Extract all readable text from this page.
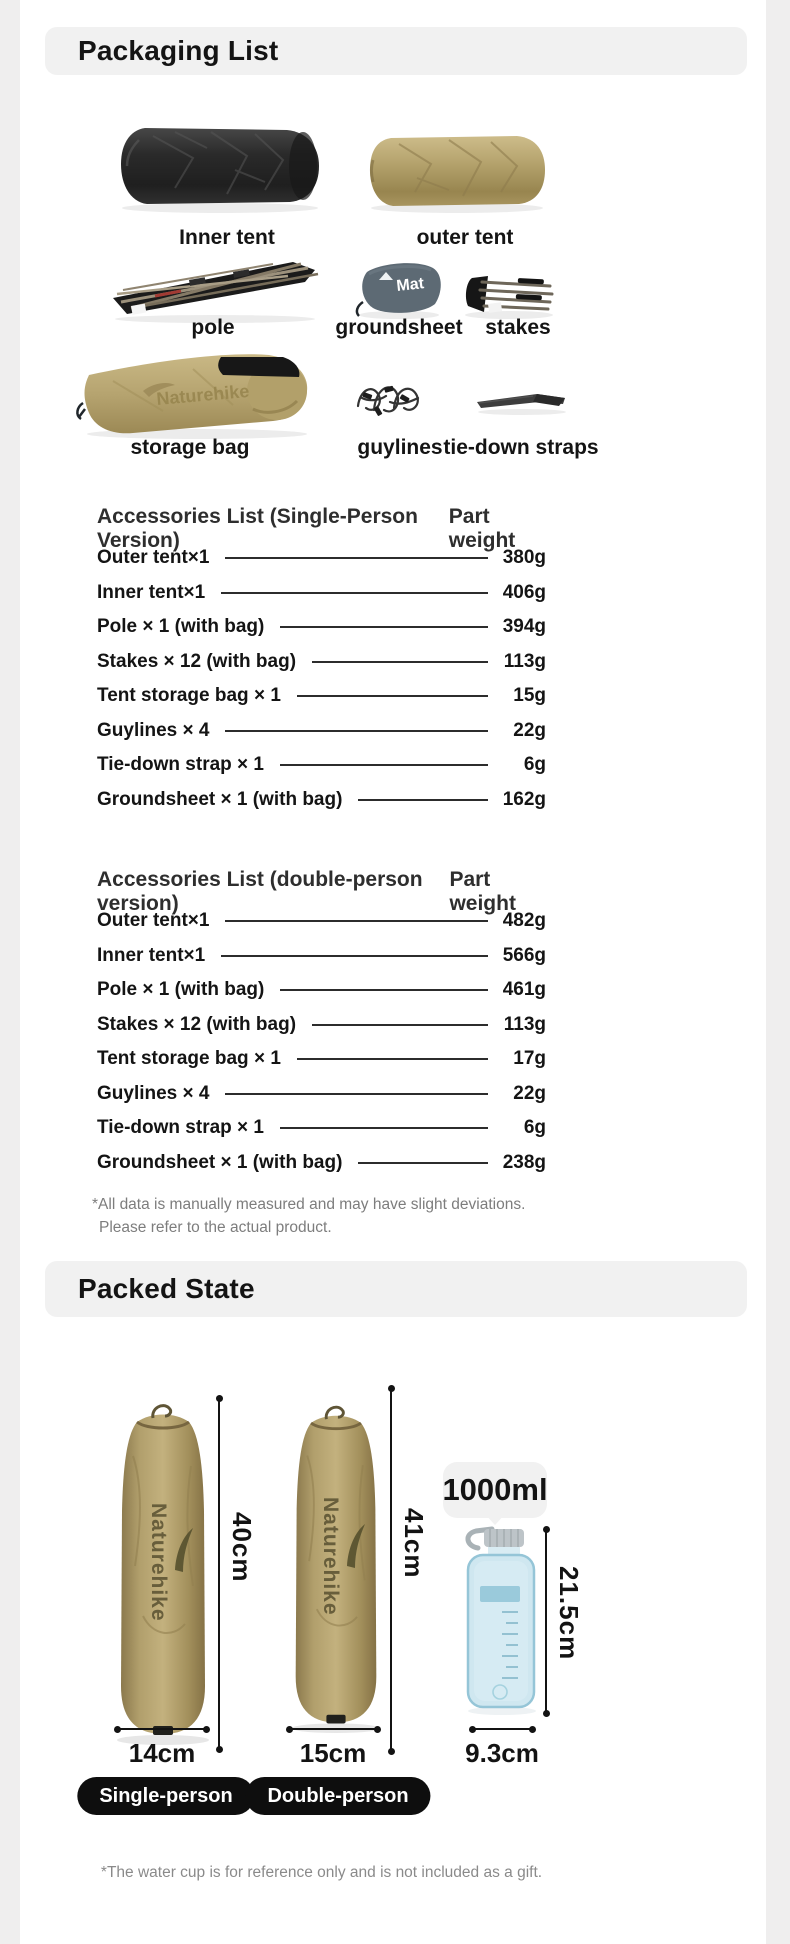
Packaging List
Inner tent	outer tent
pole
Mat
groundsheet stakes
Naturehike
storage bag	guylines tie-down straps
Accessories List (Single-Person Version)
Part weight
Outer tent×1	380g
Inner tent×1	406g
Pole × 1 (with bag)	394g
Stakes × 12 (with bag)	113g
Tent storage bag × 1	15g
Guylines × 4	22g
Tie-down strap × 1	6g
Groundsheet × 1 (with bag)	162g
Accessories List (double-person version)
Part weight
Outer tent×1	482g
Inner tent×1	566g
Pole × 1 (with bag)	461g
Stakes × 12 (with bag)	113g
Tent storage bag × 1	17g
Guylines × 4	22g
Tie-down strap × 1	6g
Groundsheet × 1 (with bag)	238g
*All data is manually measured and may have slight deviations.
Please refer to the actual product.
Packed State
Naturehike 40cm	Naturehike 41cm
1000ml
21.5cm
14cm	15cm	9.3cm
Single-person	Double-person
*The water cup is for reference only and is not included as a gift.
